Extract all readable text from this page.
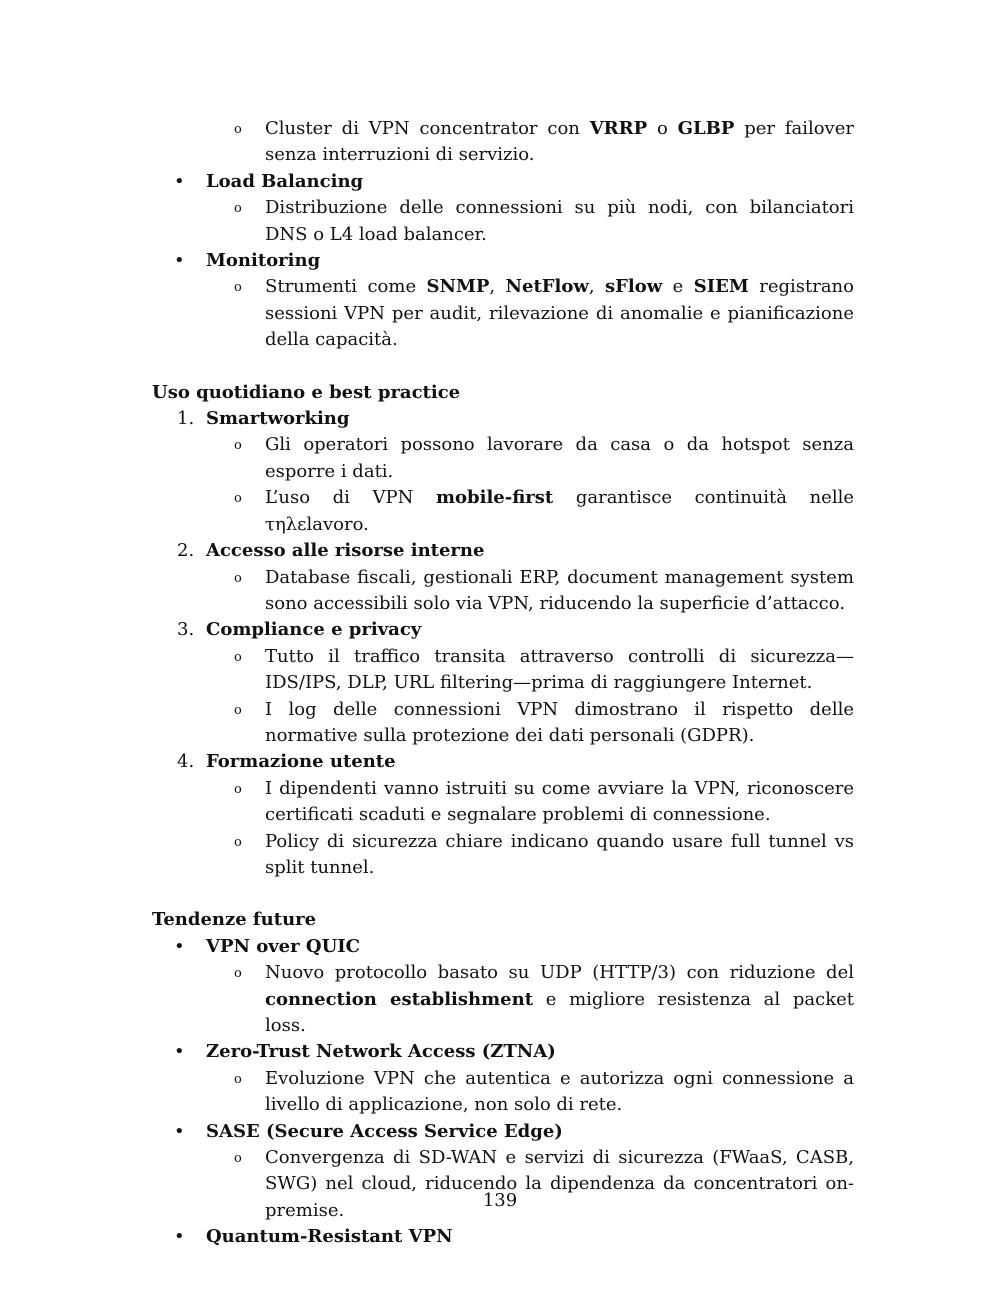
o Cluster di VPN concentrator con VRRP o GLBP per failover senza interruzioni di servizio.
• Load Balancing
o Distribuzione delle connessioni su più nodi, con bilanciatori DNS o L4 load balancer.
• Monitoring
o Strumenti come SNMP, NetFlow, sFlow e SIEM registrano sessioni VPN per audit, rilevazione di anomalie e pianificazione della capacità.
Uso quotidiano e best practice
1. Smartworking
o Gli operatori possono lavorare da casa o da hotspot senza esporre i dati.
o L’uso di VPN mobile-first garantisce continuità nelle τηλεlavoro.
2. Accesso alle risorse interne
o Database fiscali, gestionali ERP, document management system sono accessibili solo via VPN, riducendo la superficie d’attacco.
3. Compliance e privacy
o Tutto il traffico transita attraverso controlli di sicurezza—IDS/IPS, DLP, URL filtering—prima di raggiungere Internet.
o I log delle connessioni VPN dimostrano il rispetto delle normative sulla protezione dei dati personali (GDPR).
4. Formazione utente
o I dipendenti vanno istruiti su come avviare la VPN, riconoscere certificati scaduti e segnalare problemi di connessione.
o Policy di sicurezza chiare indicano quando usare full tunnel vs split tunnel.
Tendenze future
• VPN over QUIC
o Nuovo protocollo basato su UDP (HTTP/3) con riduzione del connection establishment e migliore resistenza al packet loss.
• Zero-Trust Network Access (ZTNA)
o Evoluzione VPN che autentica e autorizza ogni connessione a livello di applicazione, non solo di rete.
• SASE (Secure Access Service Edge)
o Convergenza di SD-WAN e servizi di sicurezza (FWaaS, CASB, SWG) nel cloud, riducendo la dipendenza da concentratori on-premise.
• Quantum-Resistant VPN
139
